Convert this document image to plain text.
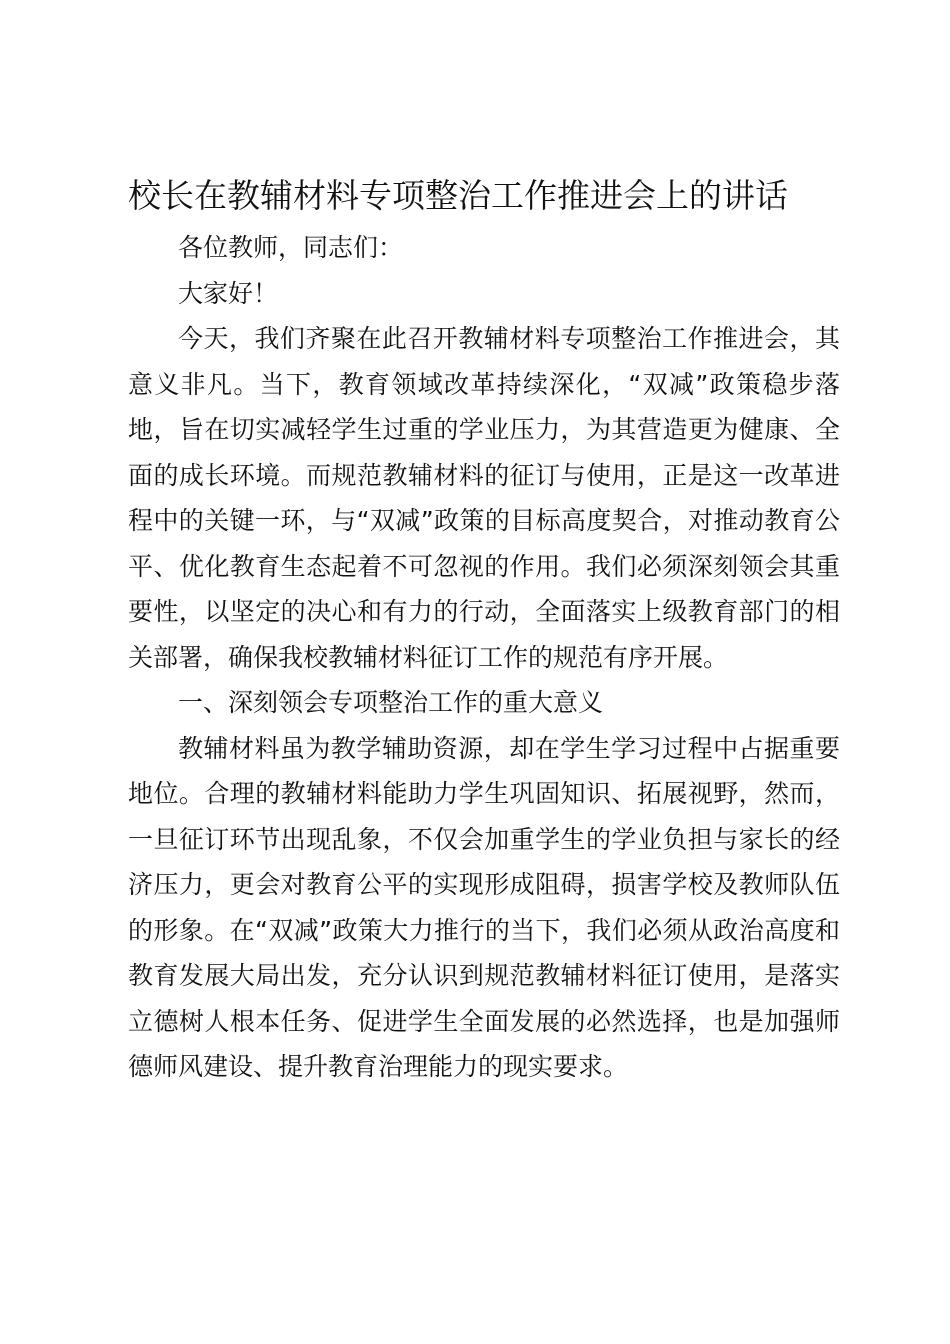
校长在教辅材料专项整治工作推进会上的讲话

各位教师，同志们：

大家好！

今天，我们齐聚在此召开教辅材料专项整治工作推进会，其意义非凡。当下，教育领域改革持续深化，“双减”政策稳步落地，旨在切实减轻学生过重的学业压力，为其营造更为健康、全面的成长环境。而规范教辅材料的征订与使用，正是这一改革进程中的关键一环，与“双减”政策的目标高度契合，对推动教育公平、优化教育生态起着不可忽视的作用。我们必须深刻领会其重要性，以坚定的决心和有力的行动，全面落实上级教育部门的相关部署，确保我校教辅材料征订工作的规范有序开展。

一、深刻领会专项整治工作的重大意义

教辅材料虽为教学辅助资源，却在学生学习过程中占据重要地位。合理的教辅材料能助力学生巩固知识、拓展视野，然而，一旦征订环节出现乱象，不仅会加重学生的学业负担与家长的经济压力，更会对教育公平的实现形成阻碍，损害学校及教师队伍的形象。在“双减”政策大力推行的当下，我们必须从政治高度和教育发展大局出发，充分认识到规范教辅材料征订使用，是落实立德树人根本任务、促进学生全面发展的必然选择，也是加强师德师风建设、提升教育治理能力的现实要求。
